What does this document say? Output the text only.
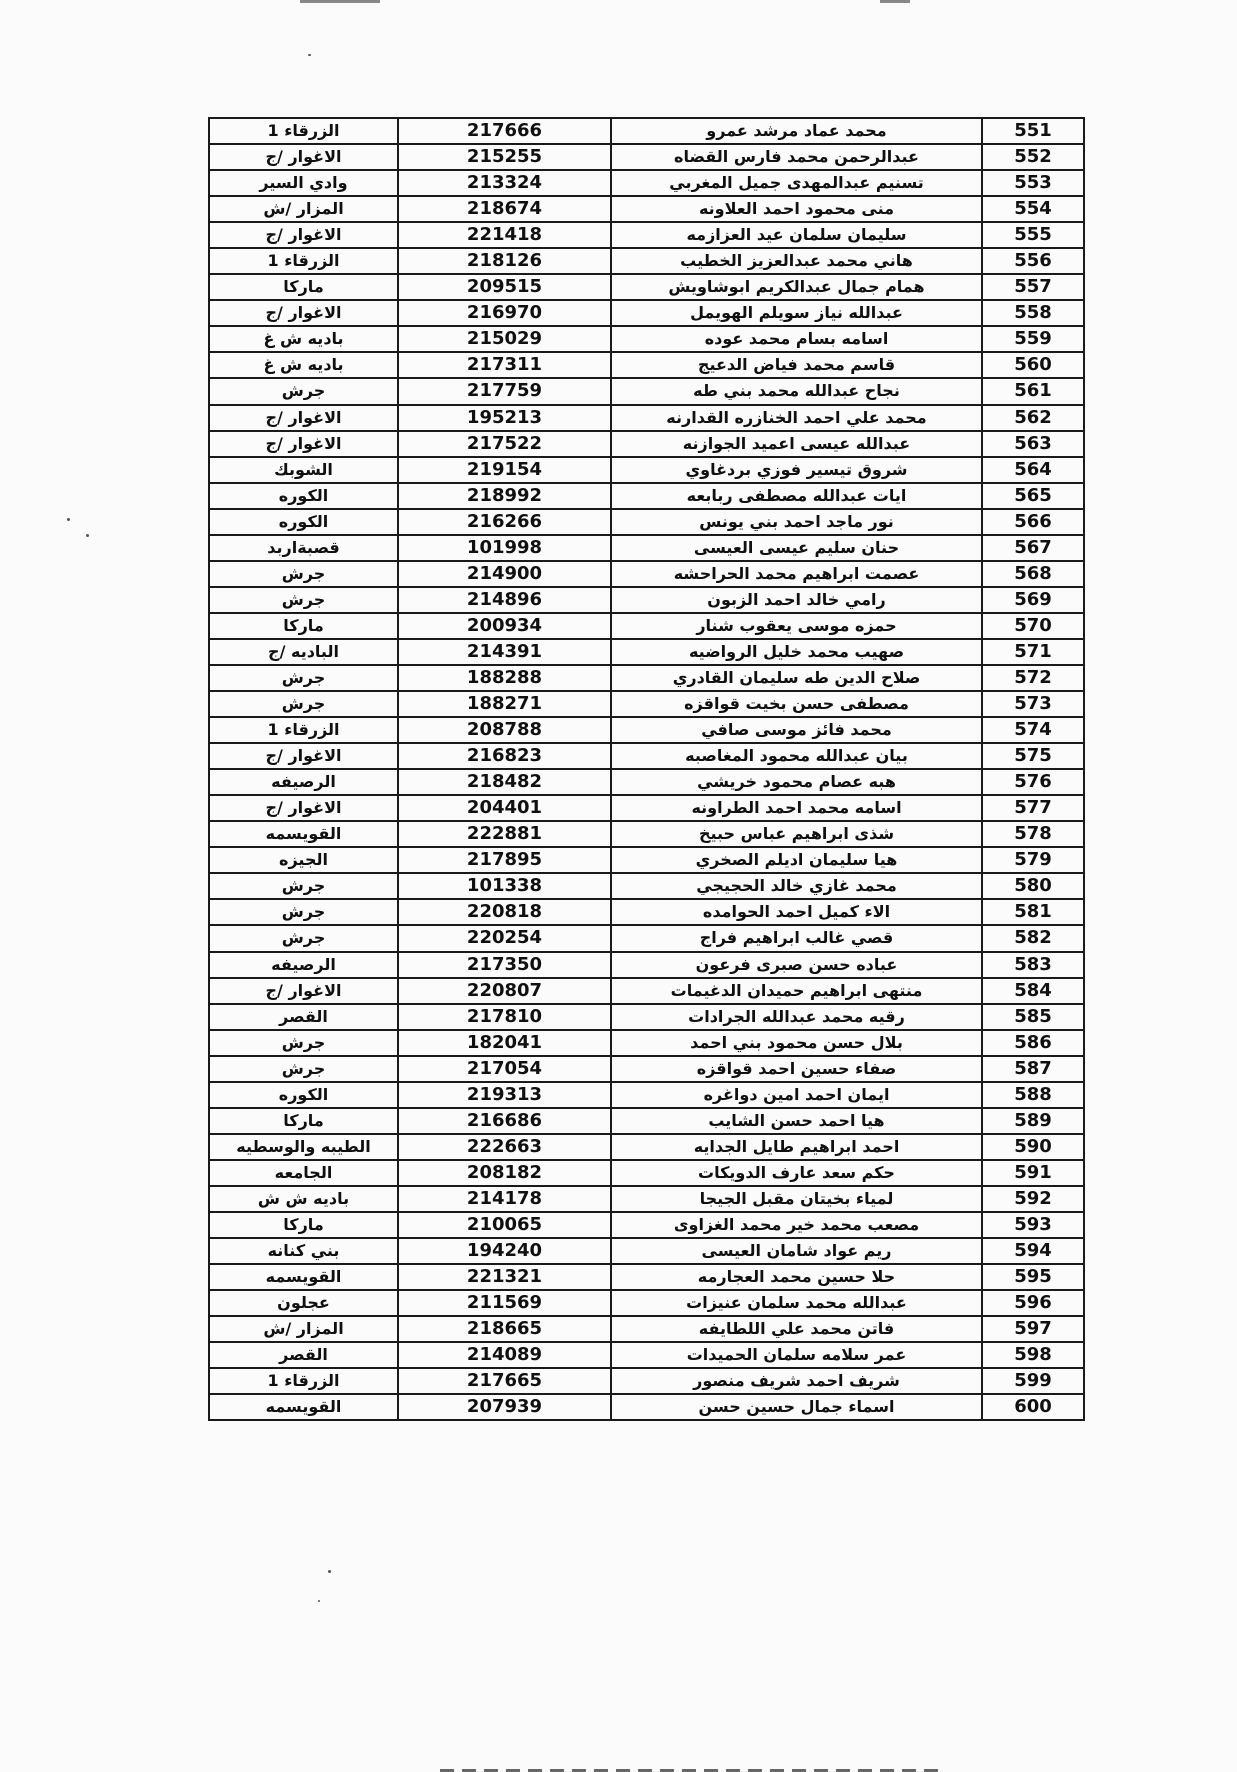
الزرقاء 1	217666	محمد عماد مرشد عمرو	551
الاغوار /ج	215255	عبدالرحمن محمد فارس القضاه	552
وادي السير	213324	تسنيم عبدالمهدى جميل المغربي	553
المزار /ش	218674	منى محمود احمد العلاونه	554
الاغوار /ج	221418	سليمان سلمان عيد العزازمه	555
الزرقاء 1	218126	هاني محمد عبدالعزيز الخطيب	556
ماركا	209515	همام جمال عبدالكريم ابوشاويش	557
الاغوار /ج	216970	عبدالله نياز سويلم الهويمل	558
باديه ش غ	215029	اسامه بسام محمد عوده	559
باديه ش غ	217311	قاسم محمد فياض الدعيج	560
جرش	217759	نجاح عبدالله محمد بني طه	561
الاغوار /ج	195213	محمد علي احمد الخنازره القدارنه	562
الاغوار /ج	217522	عبدالله عيسى اعميد الجوازنه	563
الشوبك	219154	شروق تيسير فوزي بردغاوي	564
الكوره	218992	ايات عبدالله مصطفى ربابعه	565
الكوره	216266	نور ماجد احمد بني يونس	566
قصبةاربد	101998	حنان سليم عيسى العيسى	567
جرش	214900	عصمت ابراهيم محمد الحراحشه	568
جرش	214896	رامي خالد احمد الزبون	569
ماركا	200934	حمزه موسى يعقوب شنار	570
الباديه /ج	214391	صهيب محمد خليل الرواضيه	571
جرش	188288	صلاح الدين طه سليمان القادري	572
جرش	188271	مصطفى حسن بخيت قواقزه	573
الزرقاء 1	208788	محمد فائز موسى صافي	574
الاغوار /ج	216823	بيان عبدالله محمود المغاصبه	575
الرصيفه	218482	هبه عصام محمود خريشي	576
الاغوار /ج	204401	اسامه محمد احمد الطراونه	577
القويسمه	222881	شذى ابراهيم عباس حبيخ	578
الجيزه	217895	هيا سليمان اديلم الصخري	579
جرش	101338	محمد غازي خالد الحجيجي	580
جرش	220818	الاء كميل احمد الحوامده	581
جرش	220254	قصي غالب ابراهيم فراج	582
الرصيفه	217350	عباده حسن صبرى فرعون	583
الاغوار /ج	220807	منتهى ابراهيم حميدان الدغيمات	584
القصر	217810	رقيه محمد عبدالله الجرادات	585
جرش	182041	بلال حسن محمود بني احمد	586
جرش	217054	صفاء حسين احمد قواقزه	587
الكوره	219313	ايمان احمد امين دواغره	588
ماركا	216686	هيا احمد حسن الشايب	589
الطيبه والوسطيه	222663	احمد ابراهيم طايل الجدايه	590
الجامعه	208182	حكم سعد عارف الدويكات	591
باديه ش ش	214178	لمياء بخيتان مقبل الجيجا	592
ماركا	210065	مصعب محمد خير محمد الغزاوى	593
بني كنانه	194240	ريم عواد شامان العيسى	594
القويسمه	221321	حلا حسين محمد العجارمه	595
عجلون	211569	عبدالله محمد سلمان عنيزات	596
المزار /ش	218665	فاتن محمد علي اللطايفه	597
القصر	214089	عمر سلامه سلمان الحميدات	598
الزرقاء 1	217665	شريف احمد شريف منصور	599
القويسمه	207939	اسماء جمال حسين حسن	600
